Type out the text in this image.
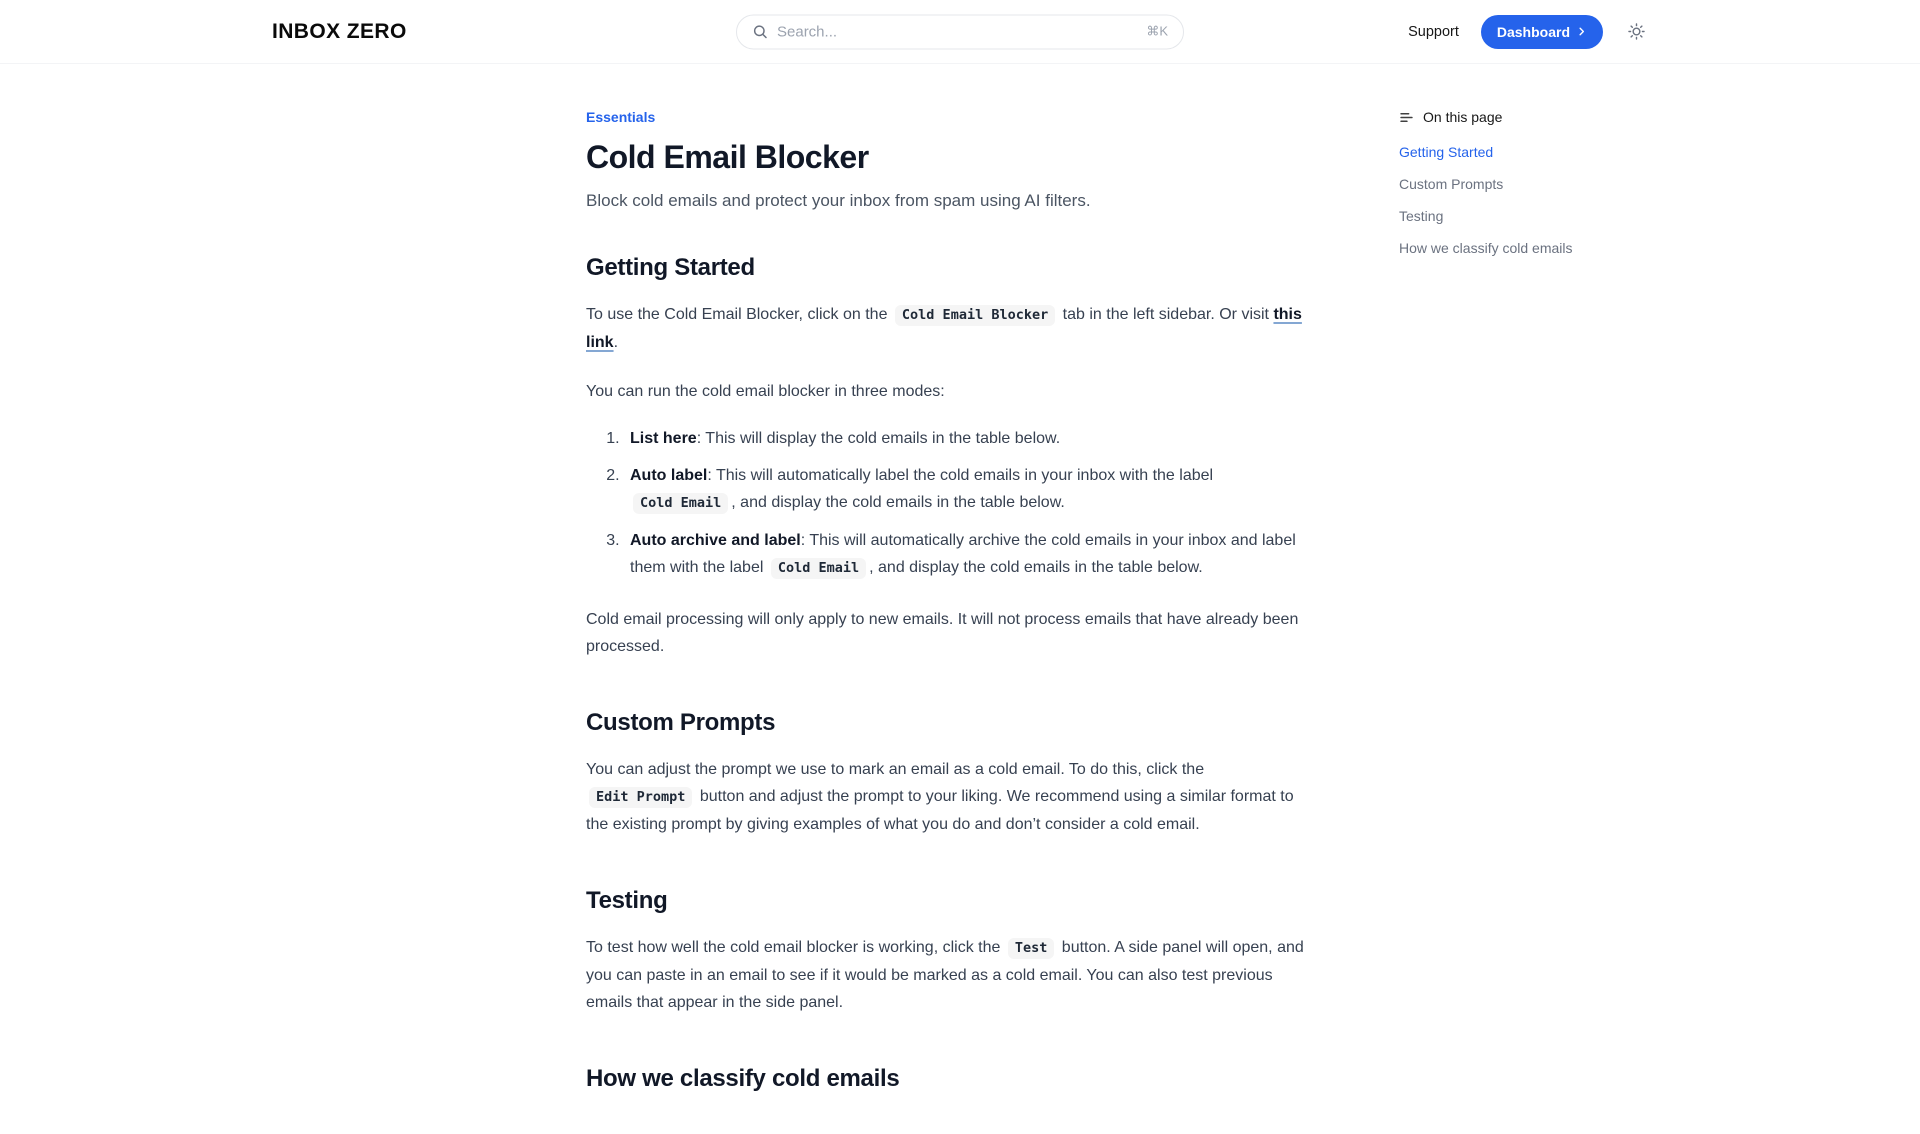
INBOX ZERO
Search...	⌘K	Support	Dashboard
Essentials
Cold Email Blocker

Block cold emails and protect your inbox from spam using AI filters.

Getting Started

To use the Cold Email Blocker, click on the Cold Email Blocker tab in the left sidebar. Or visit this link.

You can run the cold email blocker in three modes:

1. List here: This will display the cold emails in the table below.
2. Auto label: This will automatically label the cold emails in your inbox with the label Cold Email , and display the cold emails in the table below.
3. Auto archive and label: This will automatically archive the cold emails in your inbox and label them with the label Cold Email , and display the cold emails in the table below.

Cold email processing will only apply to new emails. It will not process emails that have already been processed.

Custom Prompts

You can adjust the prompt we use to mark an email as a cold email. To do this, click the Edit Prompt button and adjust the prompt to your liking. We recommend using a similar format to the existing prompt by giving examples of what you do and don’t consider a cold email.

Testing

To test how well the cold email blocker is working, click the Test button. A side panel will open, and you can paste in an email to see if it would be marked as a cold email. You can also test previous emails that appear in the side panel.

How we classify cold emails
On this page
Getting Started
Custom Prompts
Testing
How we classify cold emails
